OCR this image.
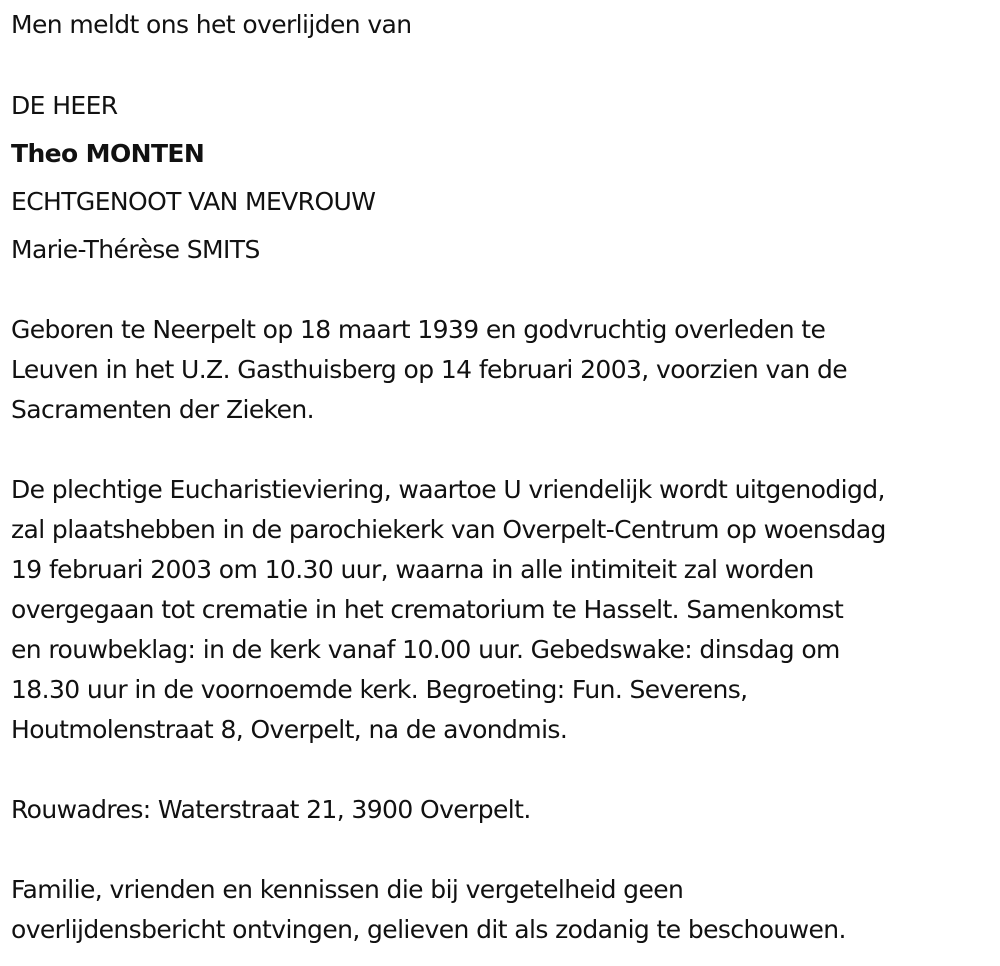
Men meldt ons het overlijden van
DE HEER
Theo MONTEN
ECHTGENOOT VAN MEVROUW
Marie-Thérèse SMITS
Geboren te Neerpelt op 18 maart 1939 en godvruchtig overleden te
Leuven in het U.Z. Gasthuisberg op 14 februari 2003, voorzien van de
Sacramenten der Zieken.
De plechtige Eucharistieviering, waartoe U vriendelijk wordt uitgenodigd,
zal plaatshebben in de parochiekerk van Overpelt-Centrum op woensdag
19 februari 2003 om 10.30 uur, waarna in alle intimiteit zal worden
overgegaan tot crematie in het crematorium te Hasselt. Samenkomst
en rouwbeklag: in de kerk vanaf 10.00 uur. Gebedswake: dinsdag om
18.30 uur in de voornoemde kerk. Begroeting: Fun. Severens,
Houtmolenstraat 8, Overpelt, na de avondmis.
Rouwadres: Waterstraat 21, 3900 Overpelt.
Familie, vrienden en kennissen die bij vergetelheid geen
overlijdensbericht ontvingen, gelieven dit als zodanig te beschouwen.
